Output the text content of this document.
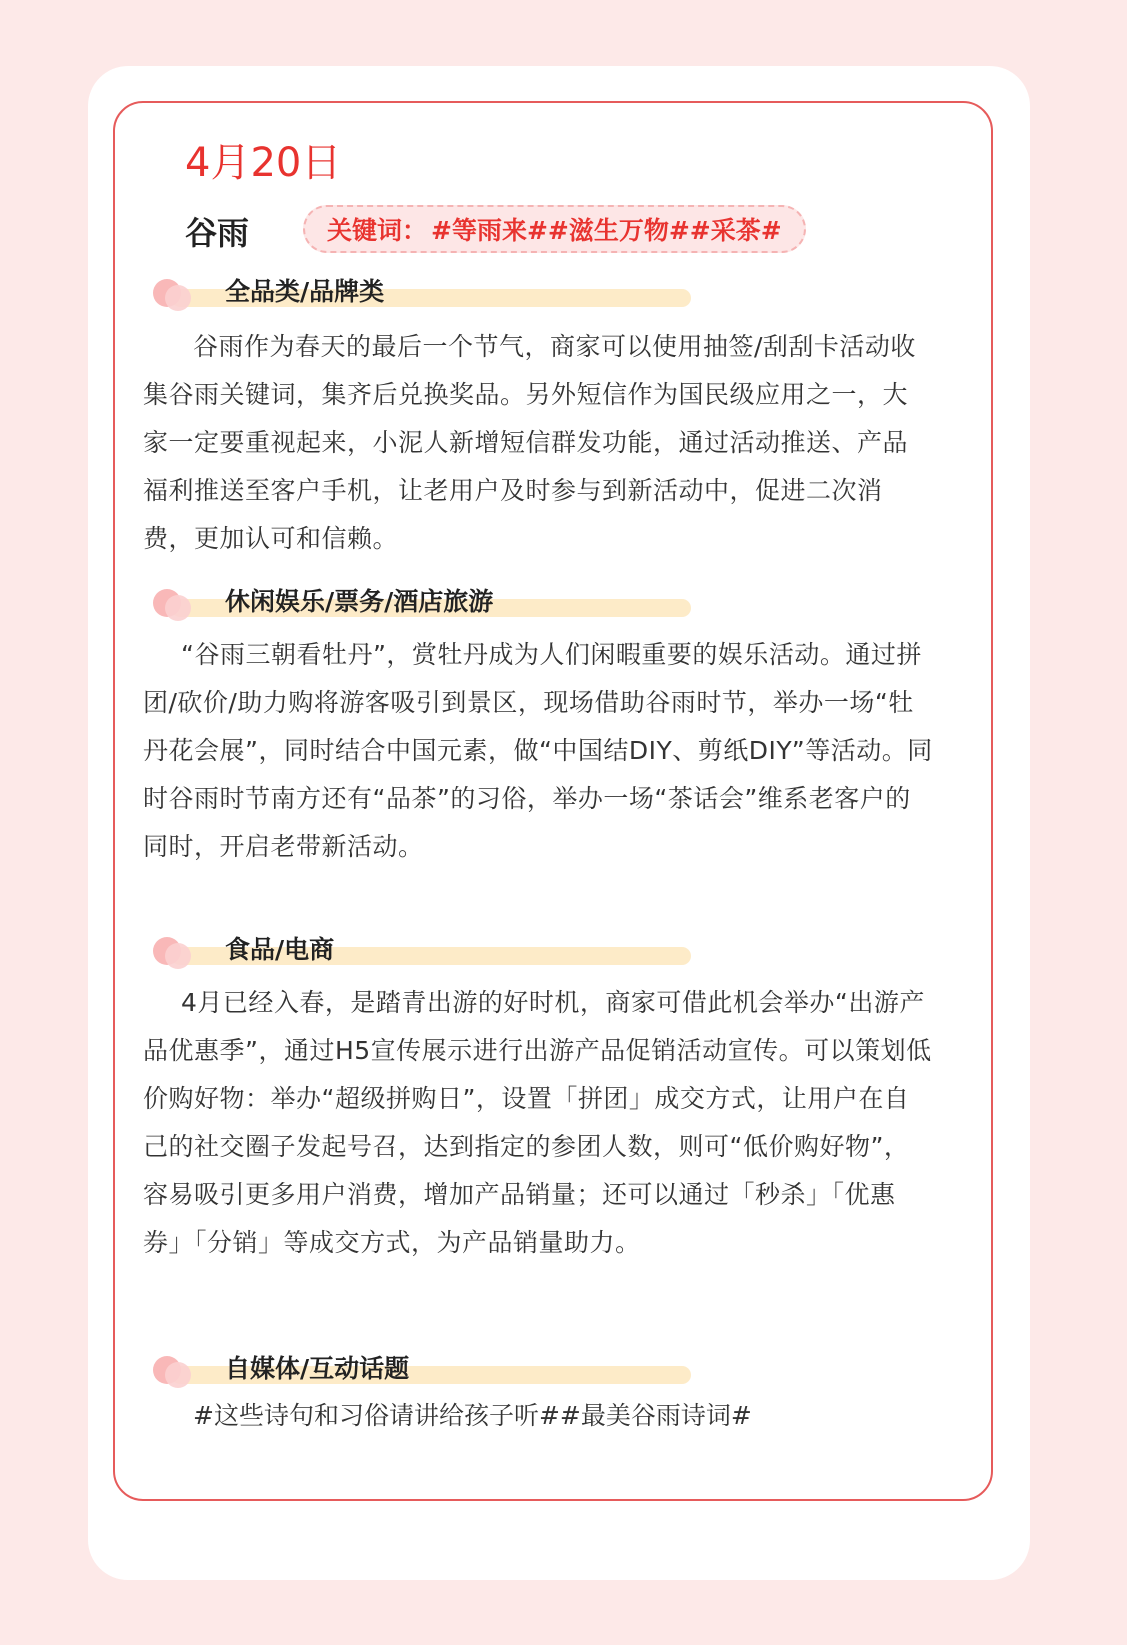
4月20日
谷雨	关键词： #等雨来##滋生万物##采茶#
全品类/品牌类
谷雨作为春天的最后一个节气，商家可以使用抽签/刮刮卡活动收集谷雨关键词，集齐后兑换奖品。另外短信作为国民级应用之一，大家一定要重视起来，小泥人新增短信群发功能，通过活动推送、产品福利推送至客户手机，让老用户及时参与到新活动中，促进二次消费，更加认可和信赖。
休闲娱乐/票务/酒店旅游
“谷雨三朝看牡丹”，赏牡丹成为人们闲暇重要的娱乐活动。通过拼团/砍价/助力购将游客吸引到景区，现场借助谷雨时节，举办一场“牡丹花会展”，同时结合中国元素，做“中国结DIY、剪纸DIY”等活动。同时谷雨时节南方还有“品茶”的习俗，举办一场“茶话会”维系老客户的同时，开启老带新活动。
食品/电商
4月已经入春，是踏青出游的好时机，商家可借此机会举办“出游产品优惠季”，通过H5宣传展示进行出游产品促销活动宣传。可以策划低价购好物：举办“超级拼购日”，设置「拼团」成交方式，让用户在自己的社交圈子发起号召，达到指定的参团人数，则可“低价购好物”，容易吸引更多用户消费，增加产品销量；还可以通过「秒杀」「优惠券」「分销」等成交方式，为产品销量助力。
自媒体/互动话题
#这些诗句和习俗请讲给孩子听##最美谷雨诗词#
